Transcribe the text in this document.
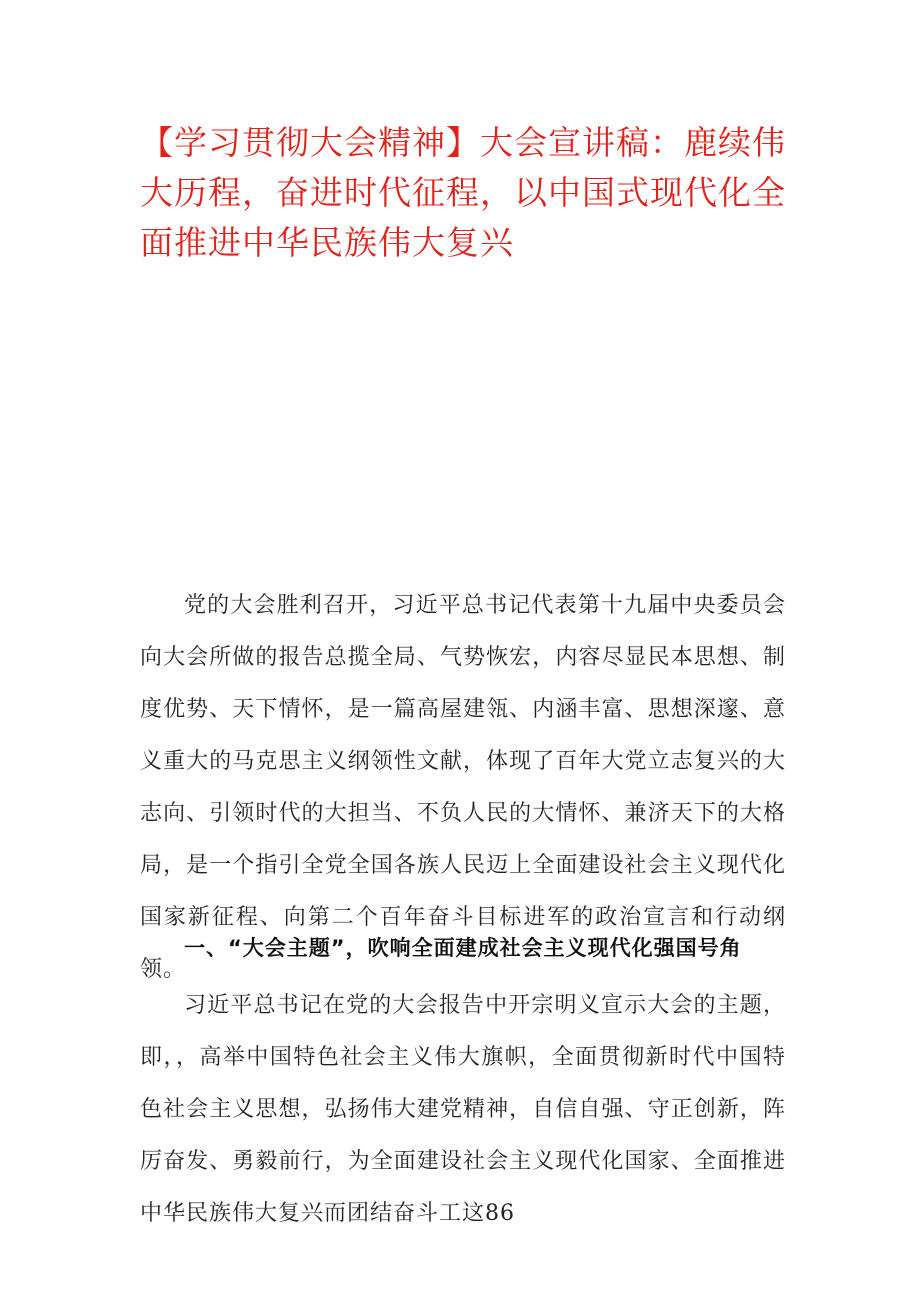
【学习贯彻大会精神】大会宣讲稿：鹿续伟大历程，奋进时代征程，以中国式现代化全面推进中华民族伟大复兴

党的大会胜利召开，习近平总书记代表第十九届中央委员会向大会所做的报告总揽全局、气势恢宏，内容尽显民本思想、制度优势、天下情怀，是一篇高屋建瓴、内涵丰富、思想深邃、意义重大的马克思主义纲领性文献，体现了百年大党立志复兴的大志向、引领时代的大担当、不负人民的大情怀、兼济天下的大格局，是一个指引全党全国各族人民迈上全面建设社会主义现代化国家新征程、向第二个百年奋斗目标进军的政治宣言和行动纲领。

一、“大会主题”，吹响全面建成社会主义现代化强国号角

习近平总书记在党的大会报告中开宗明义宣示大会的主题，即，，高举中国特色社会主义伟大旗帜，全面贯彻新时代中国特色社会主义思想，弘扬伟大建党精神，自信自强、守正创新，阵厉奋发、勇毅前行，为全面建设社会主义现代化国家、全面推进中华民族伟大复兴而团结奋斗工这86
